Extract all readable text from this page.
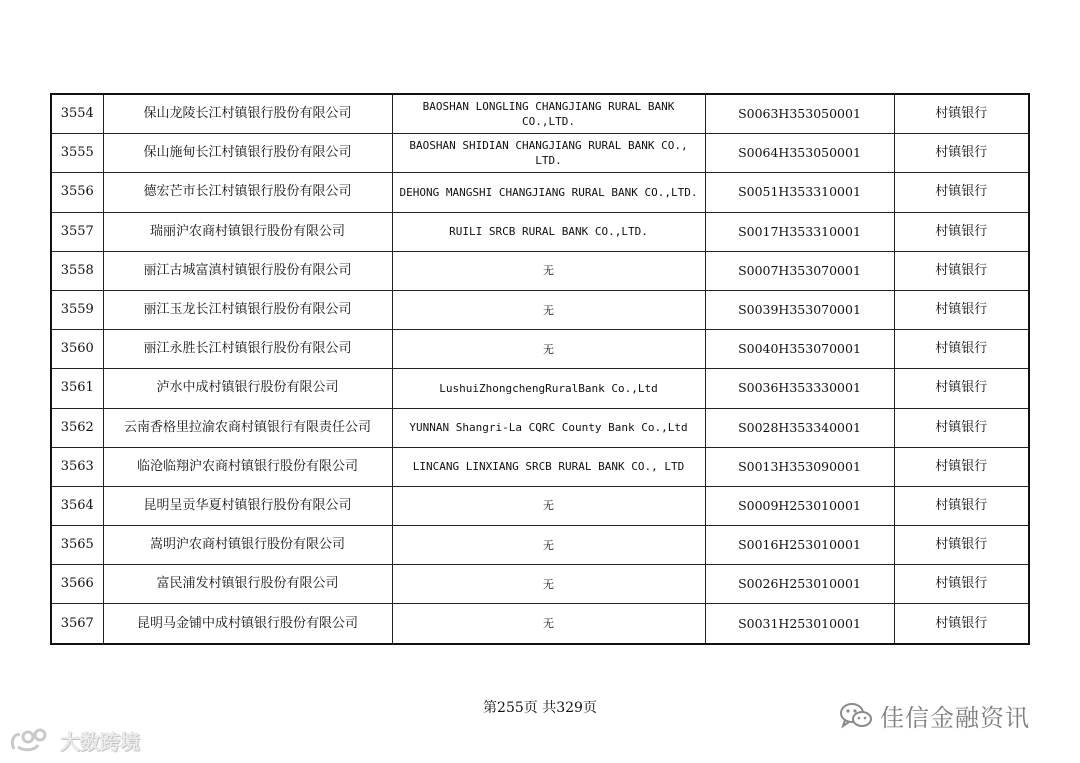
3554	保山龙陵长江村镇银行股份有限公司	BAOSHAN LONGLING CHANGJIANG RURAL BANK CO.,LTD.	S0063H353050001	村镇银行
3555	保山施甸长江村镇银行股份有限公司	BAOSHAN SHIDIAN CHANGJIANG RURAL BANK CO., LTD.	S0064H353050001	村镇银行
3556	德宏芒市长江村镇银行股份有限公司	DEHONG MANGSHI CHANGJIANG RURAL BANK CO.,LTD.	S0051H353310001	村镇银行
3557	瑞丽沪农商村镇银行股份有限公司	RUILI SRCB RURAL BANK CO.,LTD.	S0017H353310001	村镇银行
3558	丽江古城富滇村镇银行股份有限公司	无	S0007H353070001	村镇银行
3559	丽江玉龙长江村镇银行股份有限公司	无	S0039H353070001	村镇银行
3560	丽江永胜长江村镇银行股份有限公司	无	S0040H353070001	村镇银行
3561	泸水中成村镇银行股份有限公司	LushuiZhongchengRuralBank Co.,Ltd	S0036H353330001	村镇银行
3562	云南香格里拉渝农商村镇银行有限责任公司	YUNNAN Shangri-La CQRC County Bank Co.,Ltd	S0028H353340001	村镇银行
3563	临沧临翔沪农商村镇银行股份有限公司	LINCANG LINXIANG SRCB RURAL BANK CO., LTD	S0013H353090001	村镇银行
3564	昆明呈贡华夏村镇银行股份有限公司	无	S0009H253010001	村镇银行
3565	嵩明沪农商村镇银行股份有限公司	无	S0016H253010001	村镇银行
3566	富民浦发村镇银行股份有限公司	无	S0026H253010001	村镇银行
3567	昆明马金铺中成村镇银行股份有限公司	无	S0031H253010001	村镇银行
第255页 共329页	佳信金融资讯
大数跨境
